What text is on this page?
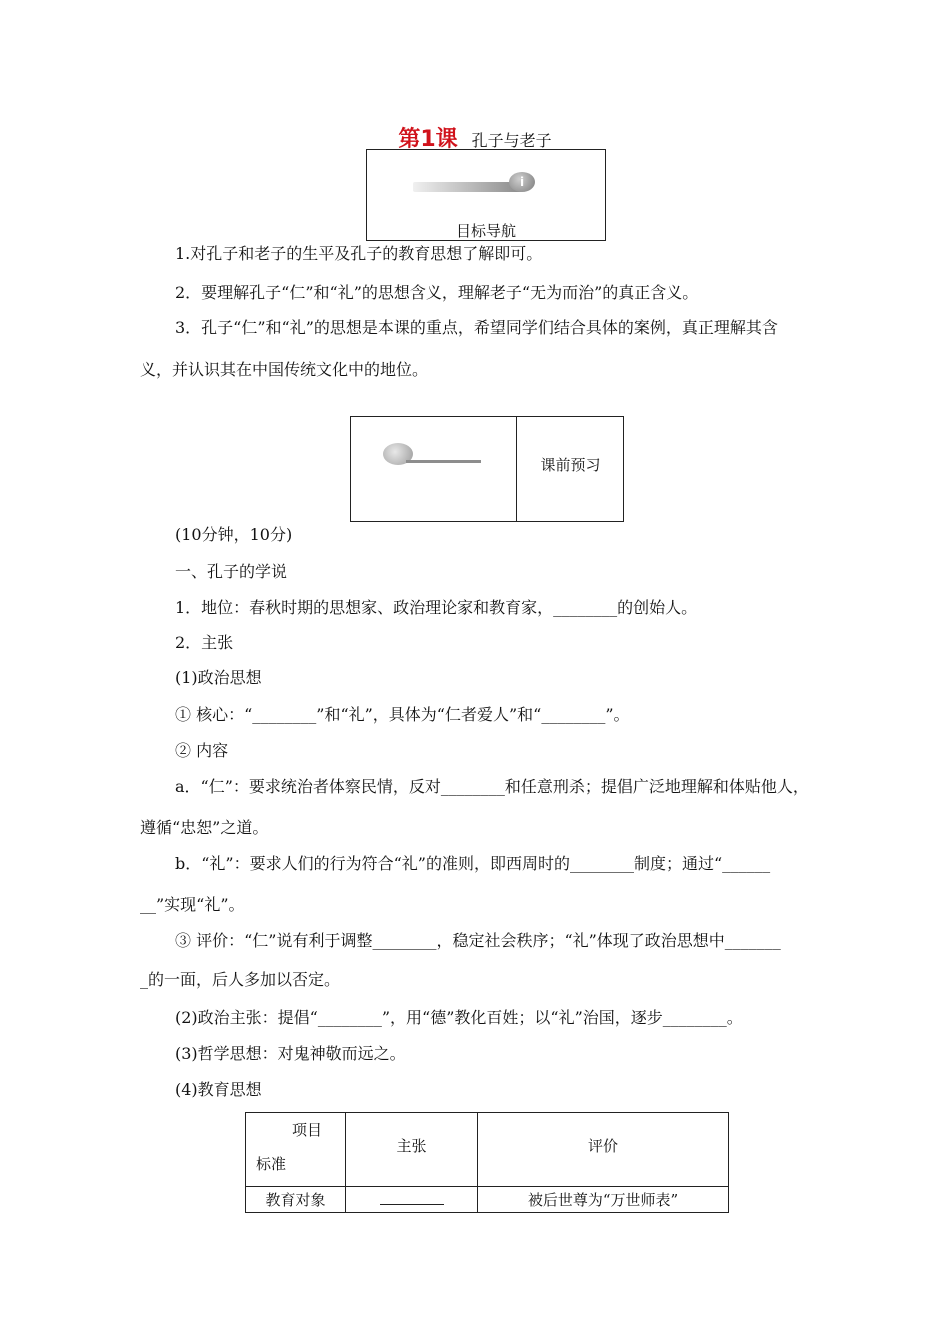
第1课 孔子与老子
i
目标导航
1.对孔子和老子的生平及孔子的教育思想了解即可。
2．要理解孔子“仁”和“礼”的思想含义，理解老子“无为而治”的真正含义。
3．孔子“仁”和“礼”的思想是本课的重点，希望同学们结合具体的案例，真正理解其含
义，并认识其在中国传统文化中的地位。
课前预习
(10分钟，10分)
一、孔子的学说
1．地位：春秋时期的思想家、政治理论家和教育家，________的创始人。
2．主张
(1)政治思想
① 核心：“________”和“礼”，具体为“仁者爱人”和“________”。
② 内容
a．“仁”：要求统治者体察民情，反对________和任意刑杀；提倡广泛地理解和体贴他人，
遵循“忠恕”之道。
b．“礼”：要求人们的行为符合“礼”的准则，即西周时的________制度；通过“______
__”实现“礼”。
③ 评价：“仁”说有利于调整________，稳定社会秩序；“礼”体现了政治思想中_______
_的一面，后人多加以否定。
(2)政治主张：提倡“________”，用“德”教化百姓；以“礼”治国，逐步________。
(3)哲学思想：对鬼神敬而远之。
(4)教育思想
项目
标准	主张	评价
教育对象		被后世尊为“万世师表”
